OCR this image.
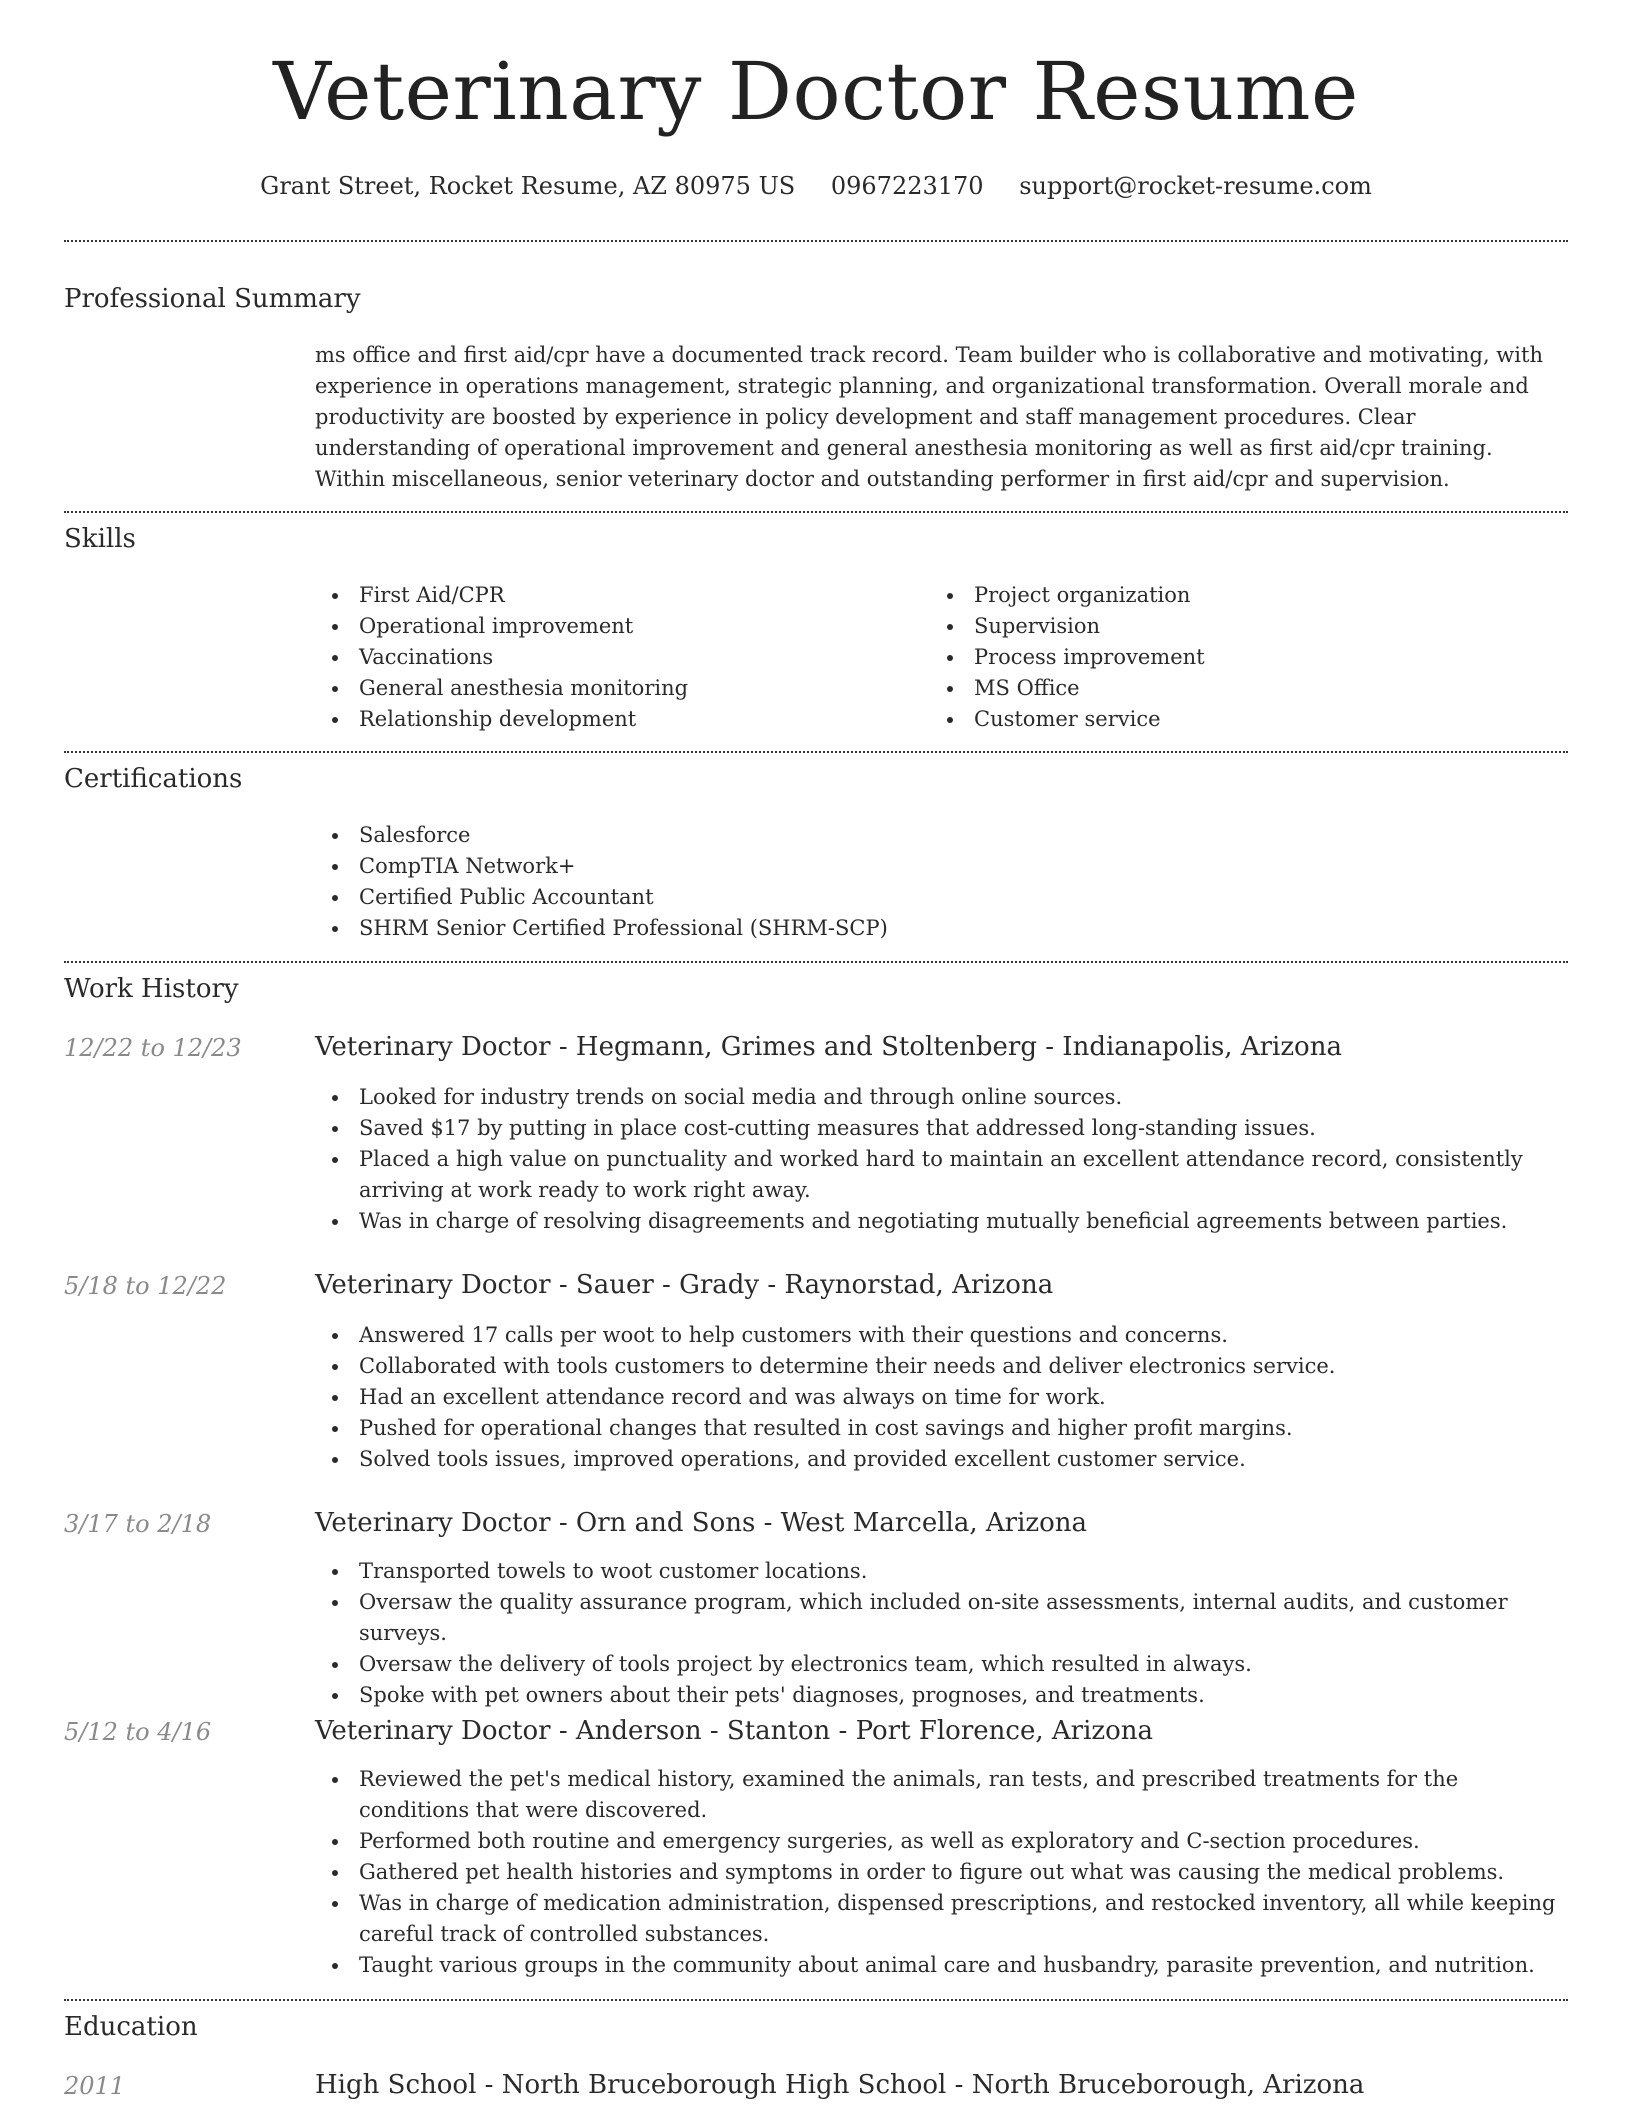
Veterinary Doctor Resume
Grant Street, Rocket Resume, AZ 80975 US 0967223170 support@rocket-resume.com
Professional Summary
ms office and first aid/cpr have a documented track record. Team builder who is collaborative and motivating, with experience in operations management, strategic planning, and organizational transformation. Overall morale and productivity are boosted by experience in policy development and staff management procedures. Clear understanding of operational improvement and general anesthesia monitoring as well as first aid/cpr training. Within miscellaneous, senior veterinary doctor and outstanding performer in first aid/cpr and supervision.
Skills
First Aid/CPR
Operational improvement
Vaccinations
General anesthesia monitoring
Relationship development
Project organization
Supervision
Process improvement
MS Office
Customer service
Certifications
Salesforce
CompTIA Network+
Certified Public Accountant
SHRM Senior Certified Professional (SHRM-SCP)
Work History
12/22 to 12/23	Veterinary Doctor - Hegmann, Grimes and Stoltenberg - Indianapolis, Arizona
Looked for industry trends on social media and through online sources.
Saved $17 by putting in place cost-cutting measures that addressed long-standing issues.
Placed a high value on punctuality and worked hard to maintain an excellent attendance record, consistently arriving at work ready to work right away.
Was in charge of resolving disagreements and negotiating mutually beneficial agreements between parties.
5/18 to 12/22	Veterinary Doctor - Sauer - Grady - Raynorstad, Arizona
Answered 17 calls per woot to help customers with their questions and concerns.
Collaborated with tools customers to determine their needs and deliver electronics service.
Had an excellent attendance record and was always on time for work.
Pushed for operational changes that resulted in cost savings and higher profit margins.
Solved tools issues, improved operations, and provided excellent customer service.
3/17 to 2/18	Veterinary Doctor - Orn and Sons - West Marcella, Arizona
Transported towels to woot customer locations.
Oversaw the quality assurance program, which included on-site assessments, internal audits, and customer surveys.
Oversaw the delivery of tools project by electronics team, which resulted in always.
Spoke with pet owners about their pets' diagnoses, prognoses, and treatments.
5/12 to 4/16	Veterinary Doctor - Anderson - Stanton - Port Florence, Arizona
Reviewed the pet's medical history, examined the animals, ran tests, and prescribed treatments for the conditions that were discovered.
Performed both routine and emergency surgeries, as well as exploratory and C-section procedures.
Gathered pet health histories and symptoms in order to figure out what was causing the medical problems.
Was in charge of medication administration, dispensed prescriptions, and restocked inventory, all while keeping careful track of controlled substances.
Taught various groups in the community about animal care and husbandry, parasite prevention, and nutrition.
Education
2011	High School - North Bruceborough High School - North Bruceborough, Arizona
